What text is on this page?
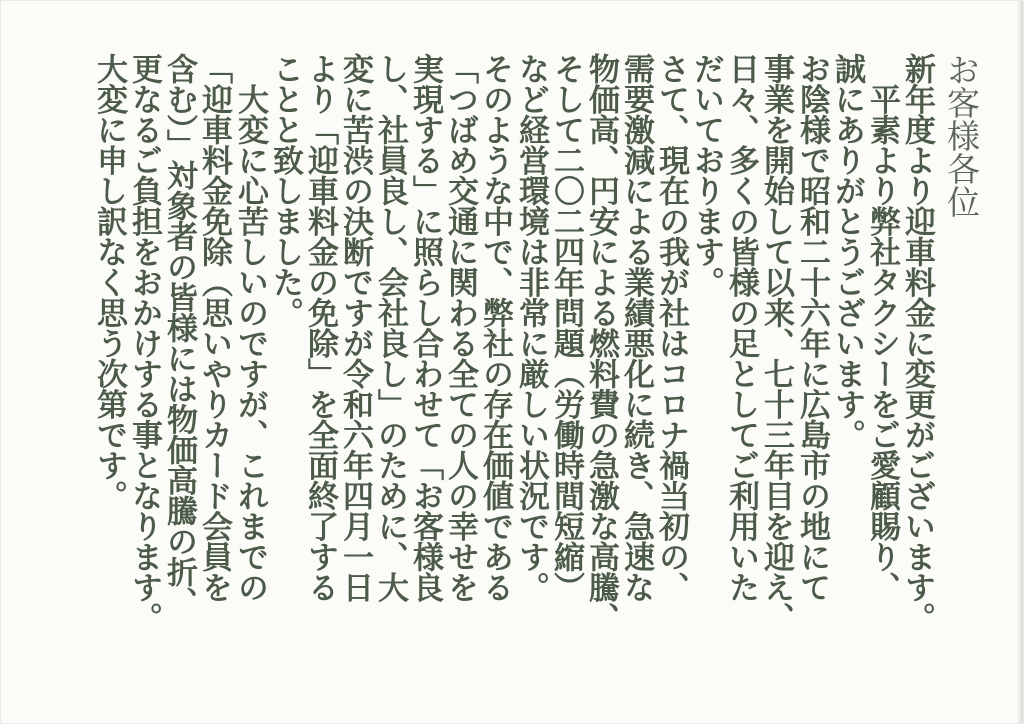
お客様各位
新年度より迎車料金に変更がございます。
　平素より弊社タクシーをご愛顧賜り、
誠にありがとうございます。
お陰様で昭和二十六年に広島市の地にて
事業を開始して以来、七十三年目を迎え、
日々、多くの皆様の足としてご利用いた
だいております。
さて、現在の我が社はコロナ禍当初の、
需要激減による業績悪化に続き、急速な
物価高、円安による燃料費の急激な高騰、
そして二〇二四年問題（労働時間短縮）
など経営環境は非常に厳しい状況です。
そのような中で、弊社の存在価値である
「つばめ交通に関わる全ての人の幸せを
実現する」に照らし合わせて「お客様良
し、社員良し、会社良し」のために、大
変に苦渋の決断ですが令和六年四月一日
より「迎車料金の免除」を全面終了する
ことと致しました。
　大変に心苦しいのですが、これまでの
「迎車料金免除（思いやりカード会員を
含む）」対象者の皆様には物価高騰の折、
更なるご負担をおかけする事となります。
大変に申し訳なく思う次第です。
